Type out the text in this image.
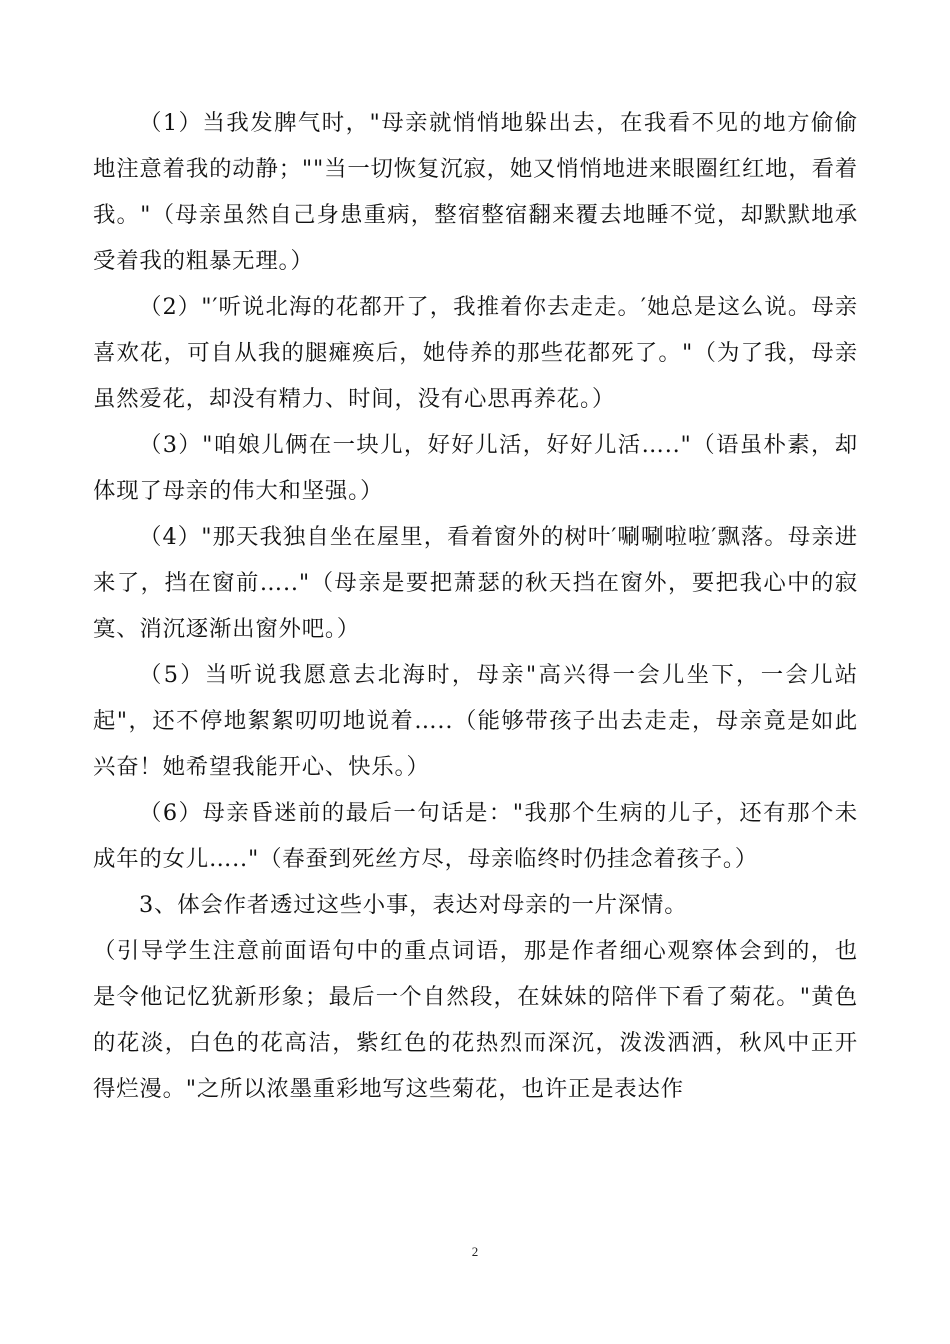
（1）当我发脾气时，"母亲就悄悄地躲出去，在我看不见的地方偷偷地注意着我的动静；""当一切恢复沉寂，她又悄悄地进来眼圈红红地，看着我。"（母亲虽然自己身患重病，整宿整宿翻来覆去地睡不觉，却默默地承受着我的粗暴无理。）

（2）"′听说北海的花都开了，我推着你去走走。′她总是这么说。母亲喜欢花，可自从我的腿瘫痪后，她侍养的那些花都死了。"（为了我，母亲虽然爱花，却没有精力、时间，没有心思再养花。）

（3）"咱娘儿俩在一块儿，好好儿活，好好儿活….."（语虽朴素，却体现了母亲的伟大和坚强。）

（4）"那天我独自坐在屋里，看着窗外的树叶′唰唰啦啦′飘落。母亲进来了，挡在窗前….."（母亲是要把萧瑟的秋天挡在窗外，要把我心中的寂寞、消沉逐渐出窗外吧。）

（5）当听说我愿意去北海时，母亲"高兴得一会儿坐下，一会儿站起"，还不停地絮絮叨叨地说着…..（能够带孩子出去走走，母亲竟是如此兴奋！她希望我能开心、快乐。）

（6）母亲昏迷前的最后一句话是："我那个生病的儿子，还有那个未成年的女儿….."（春蚕到死丝方尽，母亲临终时仍挂念着孩子。）

3、体会作者透过这些小事，表达对母亲的一片深情。

（引导学生注意前面语句中的重点词语，那是作者细心观察体会到的，也是令他记忆犹新形象；最后一个自然段，在妹妹的陪伴下看了菊花。"黄色的花淡，白色的花高洁，紫红色的花热烈而深沉，泼泼洒洒，秋风中正开得烂漫。"之所以浓墨重彩地写这些菊花，也许正是表达作

2
